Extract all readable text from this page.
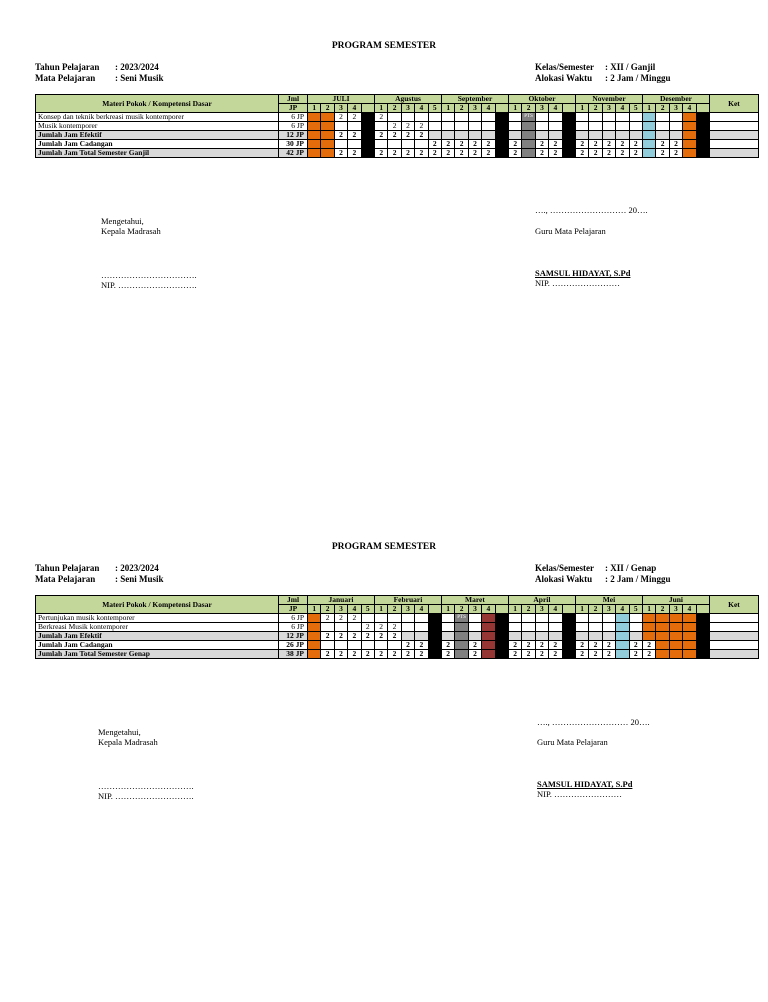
PROGRAM SEMESTER
Tahun Pelajaran	: 2023/2024
Mata Pelajaran	: Seni Musik
Kelas/Semester	: XII / Ganjil
Alokasi Waktu	: 2 Jam / Minggu
Materi Pokok / Kompetensi Dasar	Jml	JULI					Agustus					September					Oktober					November					Desember					Ket
	JP	1	2	3	4		1	2	3	4	5	1	2	3	4		1	2	3	4		1	2	3	4	5	1	2	3	4		
Konsep dan teknik berkreasi musik kontemporer	6 JP			2	2		2											PTS														
Musik kontemporer	6 JP							2	2	2																						
Jumlah Jam Efektif	12 JP			2	2		2	2	2	2																						
Jumlah Jam Cadangan	30 JP										2	2	2	2	2		2		2	2		2	2	2	2	2		2	2			
Jumlah Jam Total Semester Ganjil	42 JP			2	2		2	2	2	2	2	2	2	2	2		2		2	2		2	2	2	2	2		2	2			
…., ……………………… 20….
Mengetahui,
Kepala Madrasah
…………………………….
NIP. ……………………….
Guru Mata Pelajaran
SAMSUL HIDAYAT, S.Pd
NIP. ……………………
PROGRAM SEMESTER
Tahun Pelajaran	: 2023/2024
Mata Pelajaran	: Seni Musik
Kelas/Semester	: XII / Genap
Alokasi Waktu	: 2 Jam / Minggu
Materi Pokok / Kompetensi Dasar	Jml	Januari					Februari					Maret					April					Mei					Juni					Ket
	JP	1	2	3	4	5	1	2	3	4		1	2	3	4		1	2	3	4		1	2	3	4	5	1	2	3	4		
Pertunjukan musik kontemporer	6 JP		2	2	2								PTS																			
Berkreasi Musik kontemporer	6 JP					2	2	2																								
Jumlah Jam Efektif	12 JP		2	2	2	2	2	2																								
Jumlah Jam Cadangan	26 JP								2	2		2		2			2	2	2	2		2	2	2		2	2					
Jumlah Jam Total Semester Genap	38 JP		2	2	2	2	2	2	2	2		2		2			2	2	2	2		2	2	2		2	2					
…., ……………………… 20….
Mengetahui,
Kepala Madrasah
…………………………….
NIP. ……………………….
Guru Mata Pelajaran
SAMSUL HIDAYAT, S.Pd
NIP. ……………………
